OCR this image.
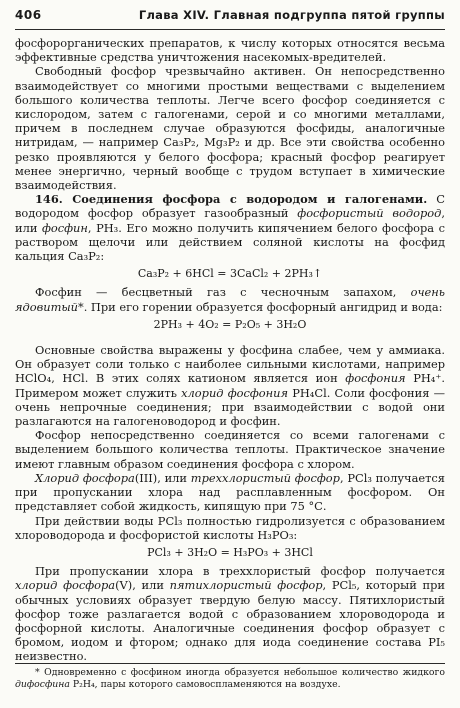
406	Глава XIV. Главная подгруппа пятой группы

фосфорорганических препаратов, к числу которых относятся весьма эффективные средства уничтожения насекомых-вредителей.

Свободный фосфор чрезвычайно активен. Он непосредственно взаимодействует со многими простыми веществами с выделением большого количества теплоты. Легче всего фосфор соединяется с кислородом, затем с галогенами, серой и со многими металлами, причем в последнем случае образуются фосфиды, аналогичные нитридам, — например Ca₃P₂, Mg₃P₂ и др. Все эти свойства особенно резко проявляются у белого фосфора; красный фосфор реагирует менее энергично, черный вообще с трудом вступает в химические взаимодействия.

146. Соединения фосфора с водородом и галогенами. С водородом фосфор образует газообразный фосфористый водород, или фосфин, PH₃. Его можно получить кипячением белого фосфора с раствором щелочи или действием соляной кислоты на фосфид кальция Ca₃P₂:

Ca₃P₂ + 6HCl = 3CaCl₂ + 2PH₃↑

Фосфин — бесцветный газ с чесночным запахом, очень ядовитый*. При его горении образуется фосфорный ангидрид и вода:

2PH₃ + 4O₂ = P₂O₅ + 3H₂O

Основные свойства выражены у фосфина слабее, чем у аммиака. Он образует соли только с наиболее сильными кислотами, например HClO₄, HCl. В этих солях катионом является ион фосфония PH₄⁺. Примером может служить хлорид фосфония PH₄Cl. Соли фосфония — очень непрочные соединения; при взаимодействии с водой они разлагаются на галогеноводород и фосфин.

Фосфор непосредственно соединяется со всеми галогенами с выделением большого количества теплоты. Практическое значение имеют главным образом соединения фосфора с хлором.

Хлорид фосфора(III), или треххлористый фосфор, PCl₃ получается при пропускании хлора над расплавленным фосфором. Он представляет собой жидкость, кипящую при 75 °С.

При действии воды PCl₃ полностью гидролизуется с образованием хлороводорода и фосфористой кислоты H₃PO₃:

PCl₃ + 3H₂O = H₃PO₃ + 3HCl

При пропускании хлора в треххлористый фосфор получается хлорид фосфора(V), или пятихлористый фосфор, PCl₅, который при обычных условиях образует твердую белую массу. Пятихлористый фосфор тоже разлагается водой с образованием хлороводорода и фосфорной кислоты. Аналогичные соединения фосфор образует с бромом, иодом и фтором; однако для иода соединение состава PI₅ неизвестно.

* Одновременно с фосфином иногда образуется небольшое количество жидкого дифосфина P₂H₄, пары которого самовоспламеняются на воздухе.
